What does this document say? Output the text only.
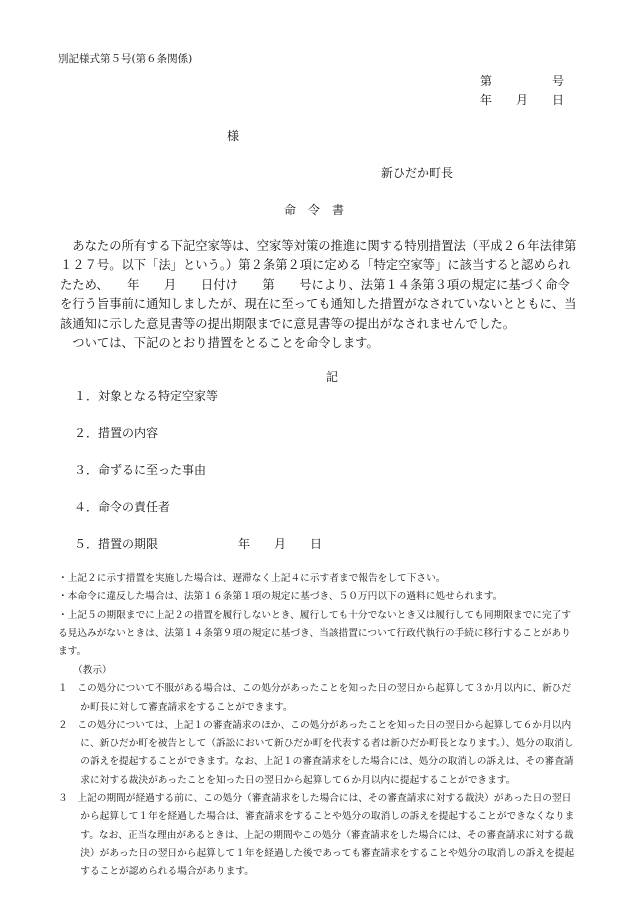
別記様式第５号(第６条関係)
第　　　　　号
年　　月　　日
様
新ひだか町長
命　令　書

あなたの所有する下記空家等は、空家等対策の推進に関する特別措置法（平成２６年法律第１２７号。以下「法」という。）第２条第２項に定める「特定空家等」に該当すると認められたため、　　年　　月　　日付け　　第　　号により、法第１４条第３項の規定に基づく命令を行う旨事前に通知しましたが、現在に至っても通知した措置がなされていないとともに、当該通知に示した意見書等の提出期限までに意見書等の提出がなされませんでした。

ついては、下記のとおり措置をとることを命令します。

記
１．対象となる特定空家等
２．措置の内容
３．命ずるに至った事由
４．命令の責任者
５．措置の期限	年　　月　　日

・上記２に示す措置を実施した場合は、遅滞なく上記４に示す者まで報告をして下さい。

・本命令に違反した場合は、法第１６条第１項の規定に基づき、５０万円以下の過料に処せられます。

・上記５の期限までに上記２の措置を履行しないとき、履行しても十分でないとき又は履行しても同期限までに完了する見込みがないときは、法第１４条第９項の規定に基づき、当該措置について行政代執行の手続に移行することがあります。

（教示）

１　この処分について不服がある場合は、この処分があったことを知った日の翌日から起算して３か月以内に、新ひだか町長に対して審査請求をすることができます。

２　この処分については、上記１の審査請求のほか、この処分があったことを知った日の翌日から起算して６か月以内に、新ひだか町を被告として（訴訟において新ひだか町を代表する者は新ひだか町長となります。）、処分の取消しの訴えを提起することができます。なお、上記１の審査請求をした場合には、処分の取消しの訴えは、その審査請求に対する裁決があったことを知った日の翌日から起算して６か月以内に提起することができます。

３　上記の期間が経過する前に、この処分（審査請求をした場合には、その審査請求に対する裁決）があった日の翌日から起算して１年を経過した場合は、審査請求をすることや処分の取消しの訴えを提起することができなくなります。なお、正当な理由があるときは、上記の期間やこの処分（審査請求をした場合には、その審査請求に対する裁決）があった日の翌日から起算して１年を経過した後であっても審査請求をすることや処分の取消しの訴えを提起することが認められる場合があります。
